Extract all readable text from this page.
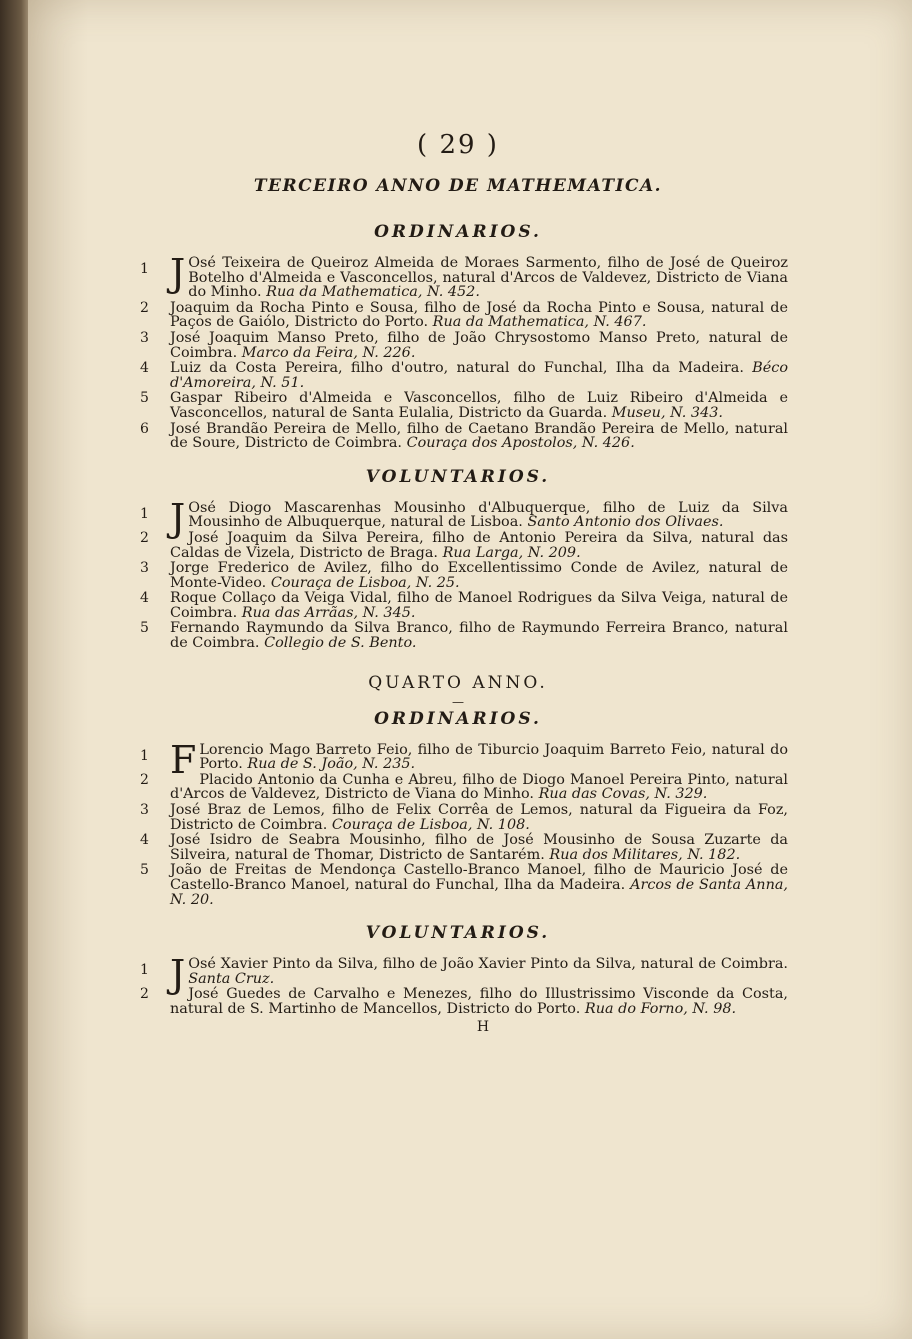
( 29 )
TERCEIRO ANNO DE MATHEMATICA.
ORDINARIOS.
1 J Osé Teixeira de Queiroz Almeida de Moraes Sarmento, filho de José de Queiroz Botelho d'Almeida e Vasconcellos, natural d'Arcos de Valdevez, Districto de Viana do Minho. Rua da Mathematica, N. 452.
2 Joaquim da Rocha Pinto e Sousa, filho de José da Rocha Pinto e Sousa, natural de Paços de Gaiólo, Districto do Porto. Rua da Mathematica, N. 467.
3 José Joaquim Manso Preto, filho de João Chrysostomo Manso Preto, natural de Coimbra. Marco da Feira, N. 226.
4 Luiz da Costa Pereira, filho d'outro, natural do Funchal, Ilha da Madeira. Béco d'Amoreira, N. 51.
5 Gaspar Ribeiro d'Almeida e Vasconcellos, filho de Luiz Ribeiro d'Almeida e Vasconcellos, natural de Santa Eulalia, Districto da Guarda. Museu, N. 343.
6 José Brandão Pereira de Mello, filho de Caetano Brandão Pereira de Mello, natural de Soure, Districto de Coimbra. Couraça dos Apostolos, N. 426.
VOLUNTARIOS.
1 J Osé Diogo Mascarenhas Mousinho d'Albuquerque, filho de Luiz da Silva Mousinho de Albuquerque, natural de Lisboa. Santo Antonio dos Olivaes.
2	José Joaquim da Silva Pereira, filho de Antonio Pereira da Silva, natural das Caldas de Vizela, Districto de Braga. Rua Larga, N. 209.
3 Jorge Frederico de Avilez, filho do Excellentissimo Conde de Avilez, natural de Monte-Video. Couraça de Lisboa, N. 25.
4 Roque Collaço da Veiga Vidal, filho de Manoel Rodrigues da Silva Veiga, natural de Coimbra. Rua das Arrãas, N. 345.
5 Fernando Raymundo da Silva Branco, filho de Raymundo Ferreira Branco, natural de Coimbra. Collegio de S. Bento.
QUARTO ANNO.
—
ORDINARIOS.
1 F Lorencio Mago Barreto Feio, filho de Tiburcio Joaquim Barreto Feio, natural do Porto. Rua de S. João, N. 235.
2	Placido Antonio da Cunha e Abreu, filho de Diogo Manoel Pereira Pinto, natural d'Arcos de Valdevez, Districto de Viana do Minho. Rua das Covas, N. 329.
3 José Braz de Lemos, filho de Felix Corrêa de Lemos, natural da Figueira da Foz, Districto de Coimbra. Couraça de Lisboa, N. 108.
4 José Isidro de Seabra Mousinho, filho de José Mousinho de Sousa Zuzarte da Silveira, natural de Thomar, Districto de Santarém. Rua dos Militares, N. 182.
5 João de Freitas de Mendonça Castello-Branco Manoel, filho de Mauricio José de Castello-Branco Manoel, natural do Funchal, Ilha da Madeira. Arcos de Santa Anna, N. 20.
VOLUNTARIOS.
1 J Osé Xavier Pinto da Silva, filho de João Xavier Pinto da Silva, natural de Coimbra. Santa Cruz.
2	José Guedes de Carvalho e Menezes, filho do Illustrissimo Visconde da Costa, natural de S. Martinho de Mancellos, Districto do Porto. Rua do Forno, N. 98.
H
